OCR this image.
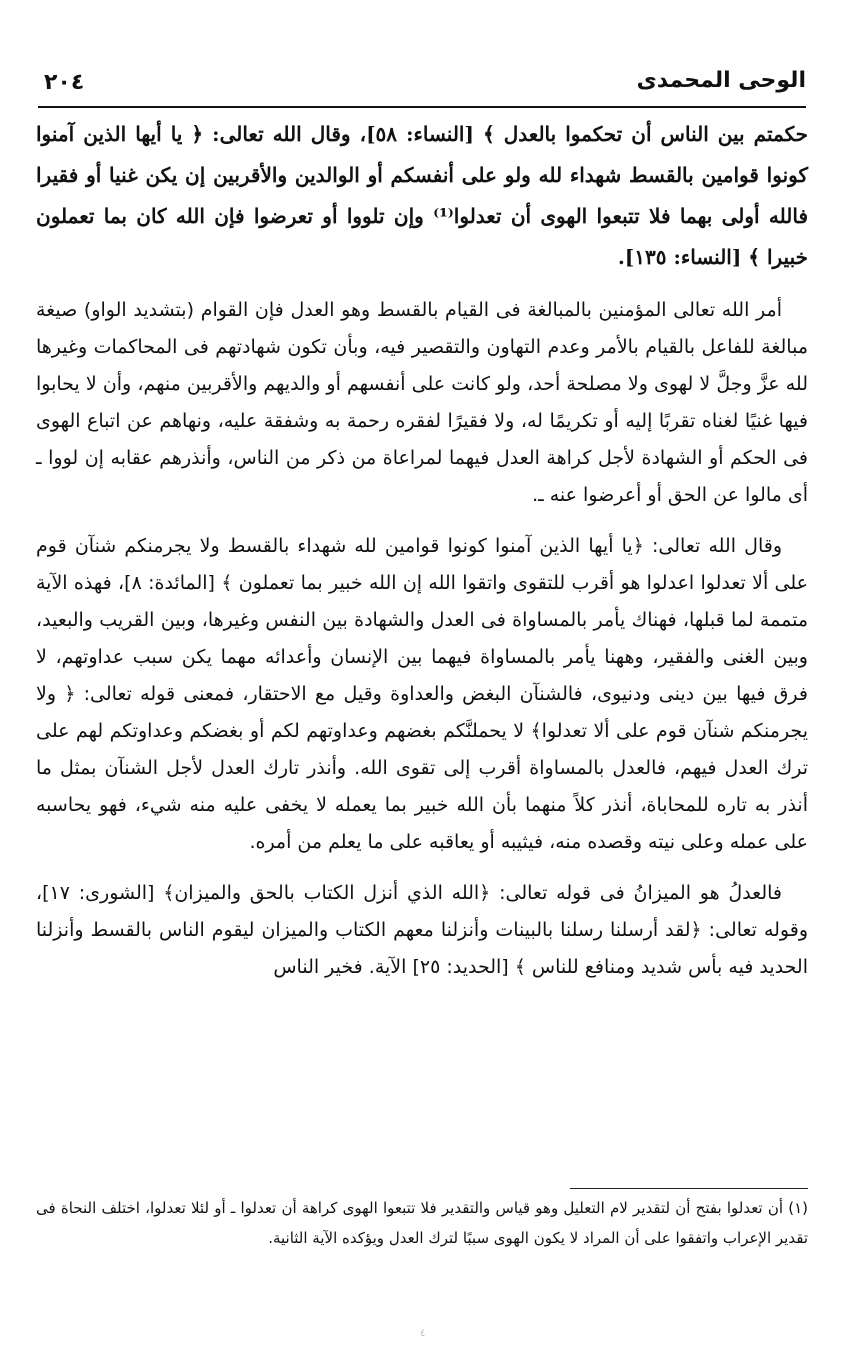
الوحى المحمدى
٢٠٤

حكمتم بين الناس أن تحكموا بالعدل ﴾ [النساء: ٥٨]، وقال الله تعالى: ﴿ يا أيها الذين آمنوا كونوا قوامين بالقسط شهداء لله ولو على أنفسكم أو الوالدين والأقربين إن يكن غنيا أو فقيرا فالله أولى بهما فلا تتبعوا الهوى أن تعدلوا⁽¹⁾ وإن تلووا أو تعرضوا فإن الله كان بما تعملون خبيرا ﴾ [النساء: ١٣٥].

أمر الله تعالى المؤمنين بالمبالغة فى القيام بالقسط وهو العدل فإن القوام (بتشديد الواو) صيغة مبالغة للفاعل بالقيام بالأمر وعدم التهاون والتقصير فيه، وبأن تكون شهادتهم فى المحاكمات وغيرها لله عزَّ وجلَّ لا لهوى ولا مصلحة أحد، ولو كانت على أنفسهم أو والديهم والأقربين منهم، وأن لا يحابوا فيها غنيًا لغناه تقربًا إليه أو تكريمًا له، ولا فقيرًا لفقره رحمة به وشفقة عليه، ونهاهم عن اتباع الهوى فى الحكم أو الشهادة لأجل كراهة العدل فيهما لمراعاة من ذكر من الناس، وأنذرهم عقابه إن لووا ـ أى مالوا عن الحق أو أعرضوا عنه ـ.

وقال الله تعالى: ﴿يا أيها الذين آمنوا كونوا قوامين لله شهداء بالقسط ولا يجرمنكم شنآن قوم على ألا تعدلوا اعدلوا هو أقرب للتقوى واتقوا الله إن الله خبير بما تعملون ﴾ [المائدة: ٨]، فهذه الآية متممة لما قبلها، فهناك يأمر بالمساواة فى العدل والشهادة بين النفس وغيرها، وبين القريب والبعيد، وبين الغنى والفقير، وههنا يأمر بالمساواة فيهما بين الإنسان وأعدائه مهما يكن سبب عداوتهم، لا فرق فيها بين دينى ودنيوى، فالشنآن البغض والعداوة وقيل مع الاحتقار، فمعنى قوله تعالى: ﴿ ولا يجرمنكم شنآن قوم على ألا تعدلوا﴾ لا يحملنَّكم بغضهم وعداوتهم لكم أو بغضكم وعداوتكم لهم على ترك العدل فيهم، فالعدل بالمساواة أقرب إلى تقوى الله. وأنذر تارك العدل لأجل الشنآن بمثل ما أنذر به تاره للمحاباة، أنذر كلاً منهما بأن الله خبير بما يعمله لا يخفى عليه منه شيء، فهو يحاسبه على عمله وعلى نيته وقصده منه، فيثيبه أو يعاقبه على ما يعلم من أمره.

فالعدلُ هو الميزانُ فى قوله تعالى: ﴿الله الذي أنزل الكتاب بالحق والميزان﴾ [الشورى: ١٧]، وقوله تعالى: ﴿لقد أرسلنا رسلنا بالبينات وأنزلنا معهم الكتاب والميزان ليقوم الناس بالقسط وأنزلنا الحديد فيه بأس شديد ومنافع للناس ﴾ [الحديد: ٢٥] الآية. فخير الناس

(١) أن تعدلوا بفتح أن لتقدير لام التعليل وهو قياس والتقدير فلا تتبعوا الهوى كراهة أن تعدلوا ـ أو لئلا تعدلوا، اختلف النحاة فى تقدير الإعراب واتفقوا على أن المراد لا يكون الهوى سببًا لترك العدل ويؤكده الآية الثانية.
٤
